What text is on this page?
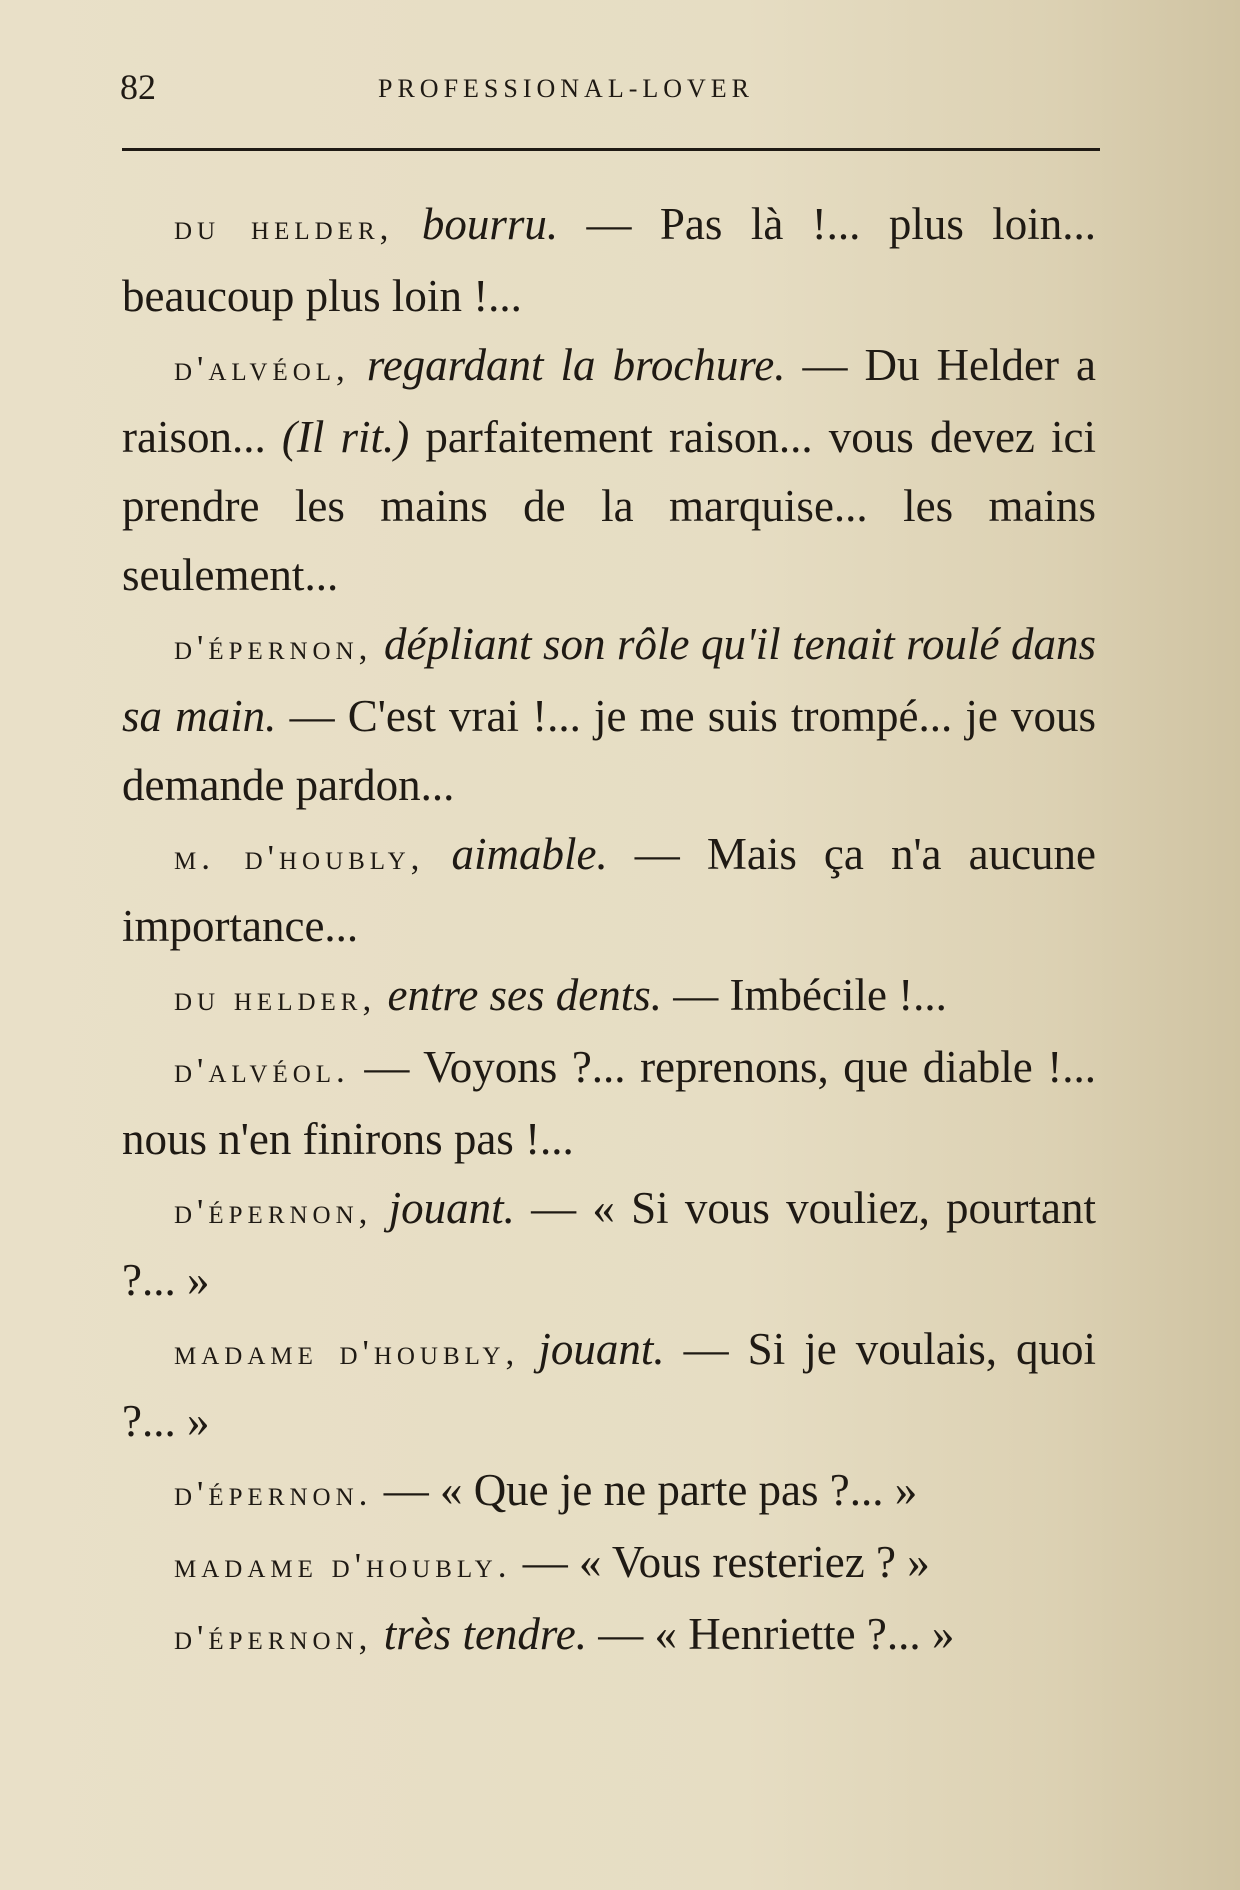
82	PROFESSIONAL-LOVER

du helder, bourru. — Pas là !... plus loin... beaucoup plus loin !...

d'alvéol, regardant la brochure. — Du Helder a raison... (Il rit.) parfaitement raison... vous devez ici prendre les mains de la marquise... les mains seulement...

d'épernon, dépliant son rôle qu'il tenait roulé dans sa main. — C'est vrai !... je me suis trompé... je vous demande pardon...

m. d'houbly, aimable. — Mais ça n'a aucune importance...

du helder, entre ses dents. — Imbécile !...

d'alvéol. — Voyons ?... reprenons, que diable !... nous n'en finirons pas !...

d'épernon, jouant. — « Si vous vouliez, pourtant ?... »

madame d'houbly, jouant. — Si je voulais, quoi ?... »

d'épernon. — « Que je ne parte pas ?... »

madame d'houbly. — « Vous resteriez ? »

d'épernon, très tendre. — « Henriette ?... »
